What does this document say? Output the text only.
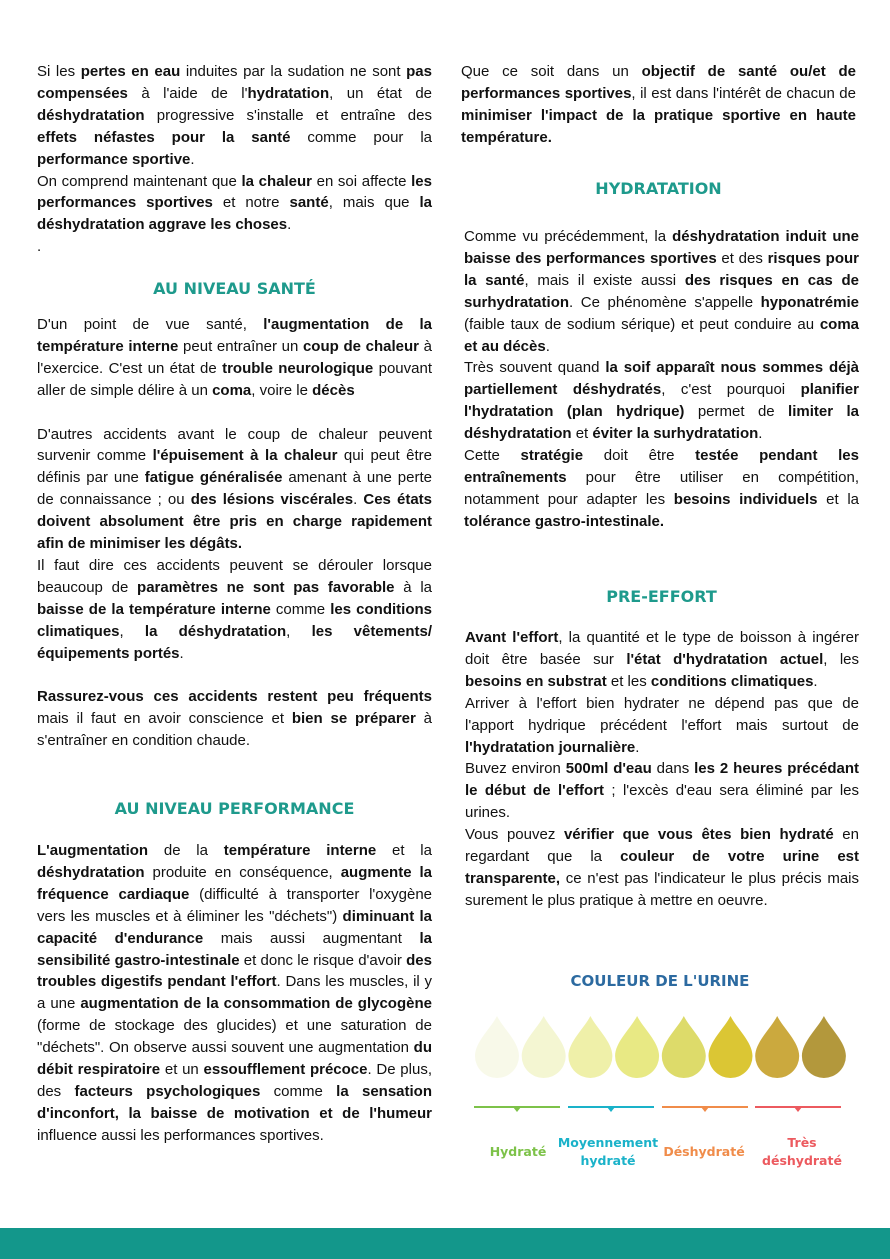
Si les pertes en eau induites par la sudation ne sont pas compensées à l'aide de l'hydratation, un état de déshydratation progressive s'installe et entraîne des effets néfastes pour la santé comme pour la performance sportive.

On comprend maintenant que la chaleur en soi affecte les performances sportives et notre santé, mais que la déshydratation aggrave les choses.

.

AU NIVEAU SANTÉ

D'un point de vue santé, l'augmentation de la température interne peut entraîner un coup de chaleur à l'exercice. C'est un état de trouble neurologique pouvant aller de simple délire à un coma, voire le décès

D'autres accidents avant le coup de chaleur peuvent survenir comme l'épuisement à la chaleur qui peut être définis par une fatigue généralisée amenant à une perte de connaissance ; ou des lésions viscérales. Ces états doivent absolument être pris en charge rapidement afin de minimiser les dégâts.

Il faut dire ces accidents peuvent se dérouler lorsque beaucoup de paramètres ne sont pas favorable à la baisse de la température interne comme les conditions climatiques, la déshydratation, les vêtements/équipements portés.

Rassurez-vous ces accidents restent peu fréquents mais il faut en avoir conscience et bien se préparer à s'entraîner en condition chaude.

AU NIVEAU PERFORMANCE

L'augmentation de la température interne et la déshydratation produite en conséquence, augmente la fréquence cardiaque (difficulté à transporter l'oxygène vers les muscles et à éliminer les "déchets") diminuant la capacité d'endurance mais aussi augmentant la sensibilité gastro-intestinale et donc le risque d'avoir des troubles digestifs pendant l'effort. Dans les muscles, il y a une augmentation de la consommation de glycogène (forme de stockage des glucides) et une saturation de "déchets". On observe aussi souvent une augmentation du débit respiratoire et un essoufflement précoce. De plus, des facteurs psychologiques comme la sensation d'inconfort, la baisse de motivation et de l'humeur influence aussi les performances sportives.

Que ce soit dans un objectif de santé ou/et de performances sportives, il est dans l'intérêt de chacun de minimiser l'impact de la pratique sportive en haute température.

HYDRATATION

Comme vu précédemment, la déshydratation induit une baisse des performances sportives et des risques pour la santé, mais il existe aussi des risques en cas de surhydratation. Ce phénomène s'appelle hyponatrémie (faible taux de sodium sérique) et peut conduire au coma et au décès.

Très souvent quand la soif apparaît nous sommes déjà partiellement déshydratés, c'est pourquoi planifier l'hydratation (plan hydrique) permet de limiter la déshydratation et éviter la surhydratation.

Cette stratégie doit être testée pendant les entraînements pour être utiliser en compétition, notamment pour adapter les besoins individuels et la tolérance gastro-intestinale.

PRE-EFFORT

Avant l'effort, la quantité et le type de boisson à ingérer doit être basée sur l'état d'hydratation actuel, les besoins en substrat et les conditions climatiques.

Arriver à l'effort bien hydrater ne dépend pas que de l'apport hydrique précédent l'effort mais surtout de l'hydratation journalière.

Buvez environ 500ml d'eau dans les 2 heures précédant le début de l'effort ; l'excès d'eau sera éliminé par les urines.

Vous pouvez vérifier que vous êtes bien hydraté en regardant que la couleur de votre urine est transparente, ce n'est pas l'indicateur le plus précis mais surement le plus pratique à mettre en oeuvre.

COULEUR DE L'URINE
Hydraté
Moyennement hydraté
Déshydraté
Très déshydraté
